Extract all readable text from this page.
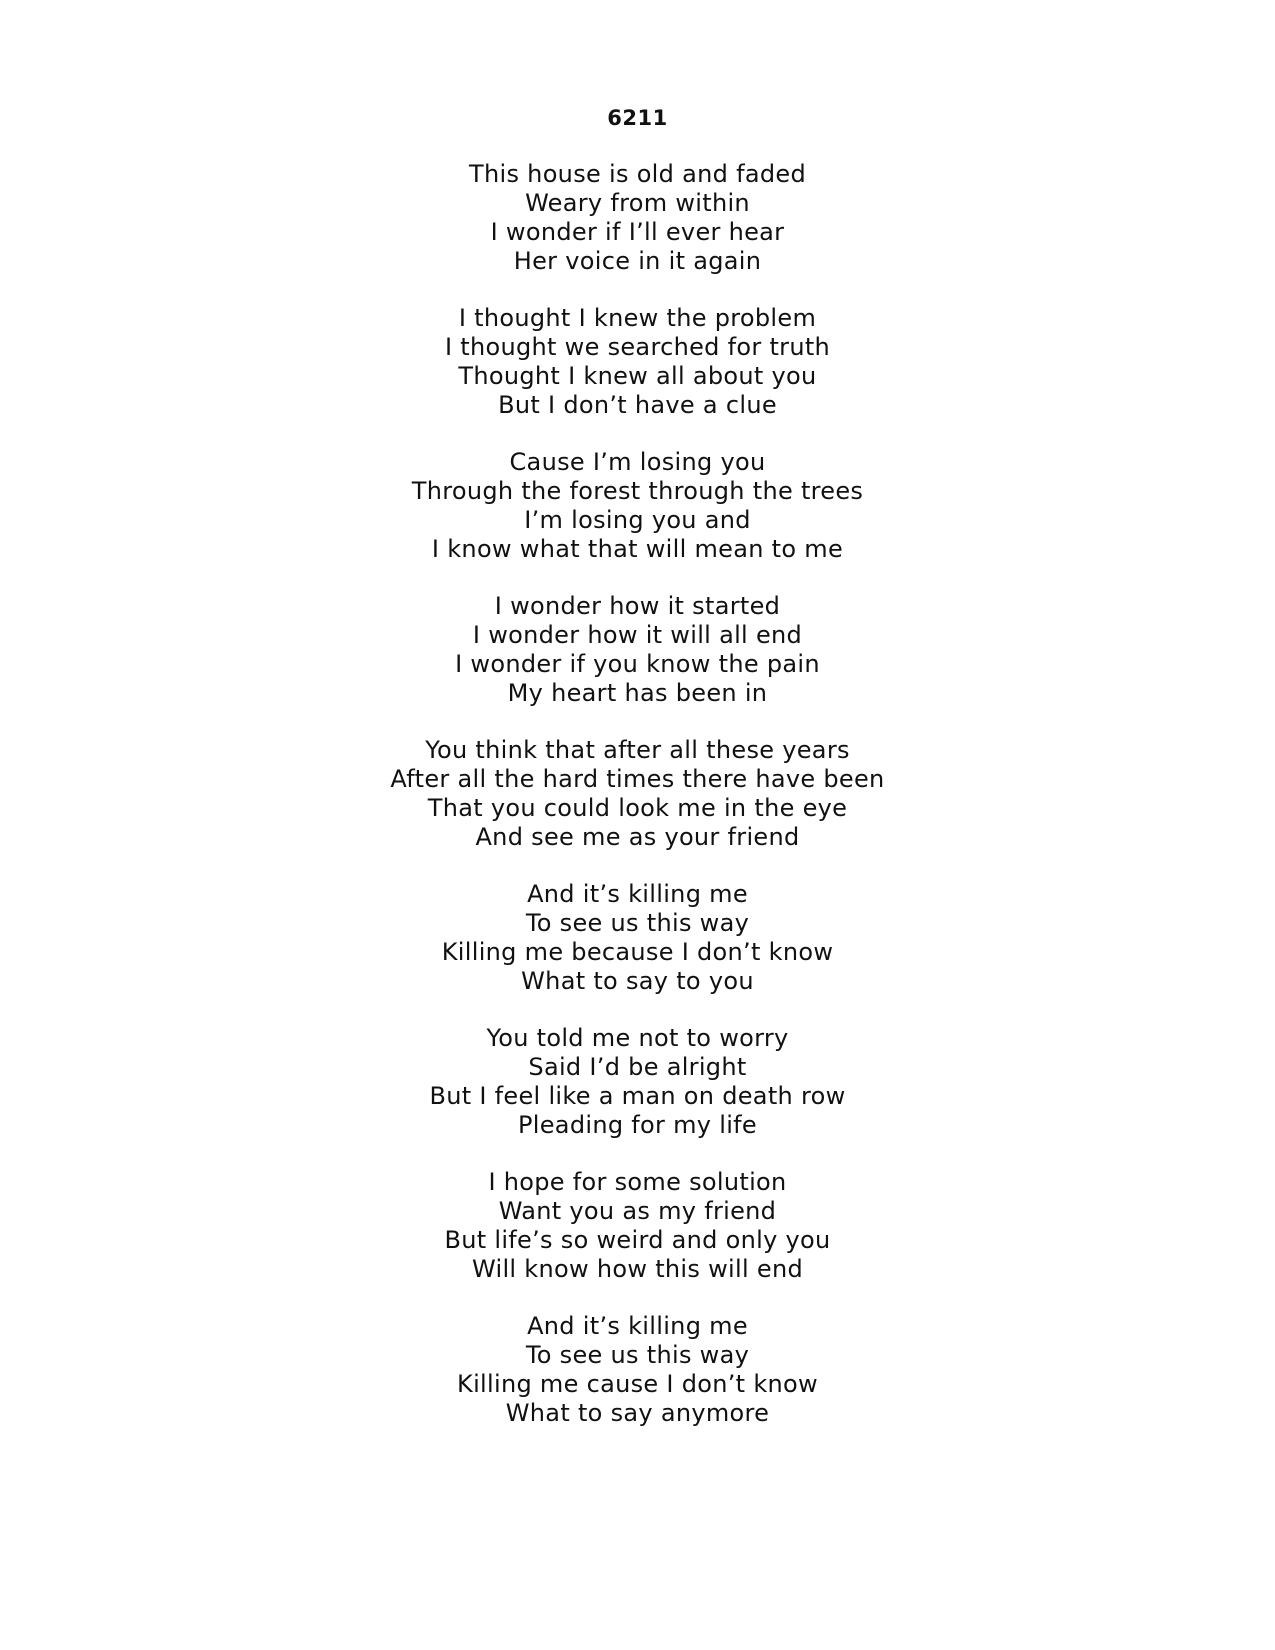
6211
This house is old and faded
Weary from within
I wonder if I’ll ever hear
Her voice in it again
I thought I knew the problem
I thought we searched for truth
Thought I knew all about you
But I don’t have a clue
Cause I’m losing you
Through the forest through the trees
I’m losing you and
I know what that will mean to me
I wonder how it started
I wonder how it will all end
I wonder if you know the pain
My heart has been in
You think that after all these years
After all the hard times there have been
That you could look me in the eye
And see me as your friend
And it’s killing me
To see us this way
Killing me because I don’t know
What to say to you
You told me not to worry
Said I’d be alright
But I feel like a man on death row
Pleading for my life
I hope for some solution
Want you as my friend
But life’s so weird and only you
Will know how this will end
And it’s killing me
To see us this way
Killing me cause I don’t know
What to say anymore
